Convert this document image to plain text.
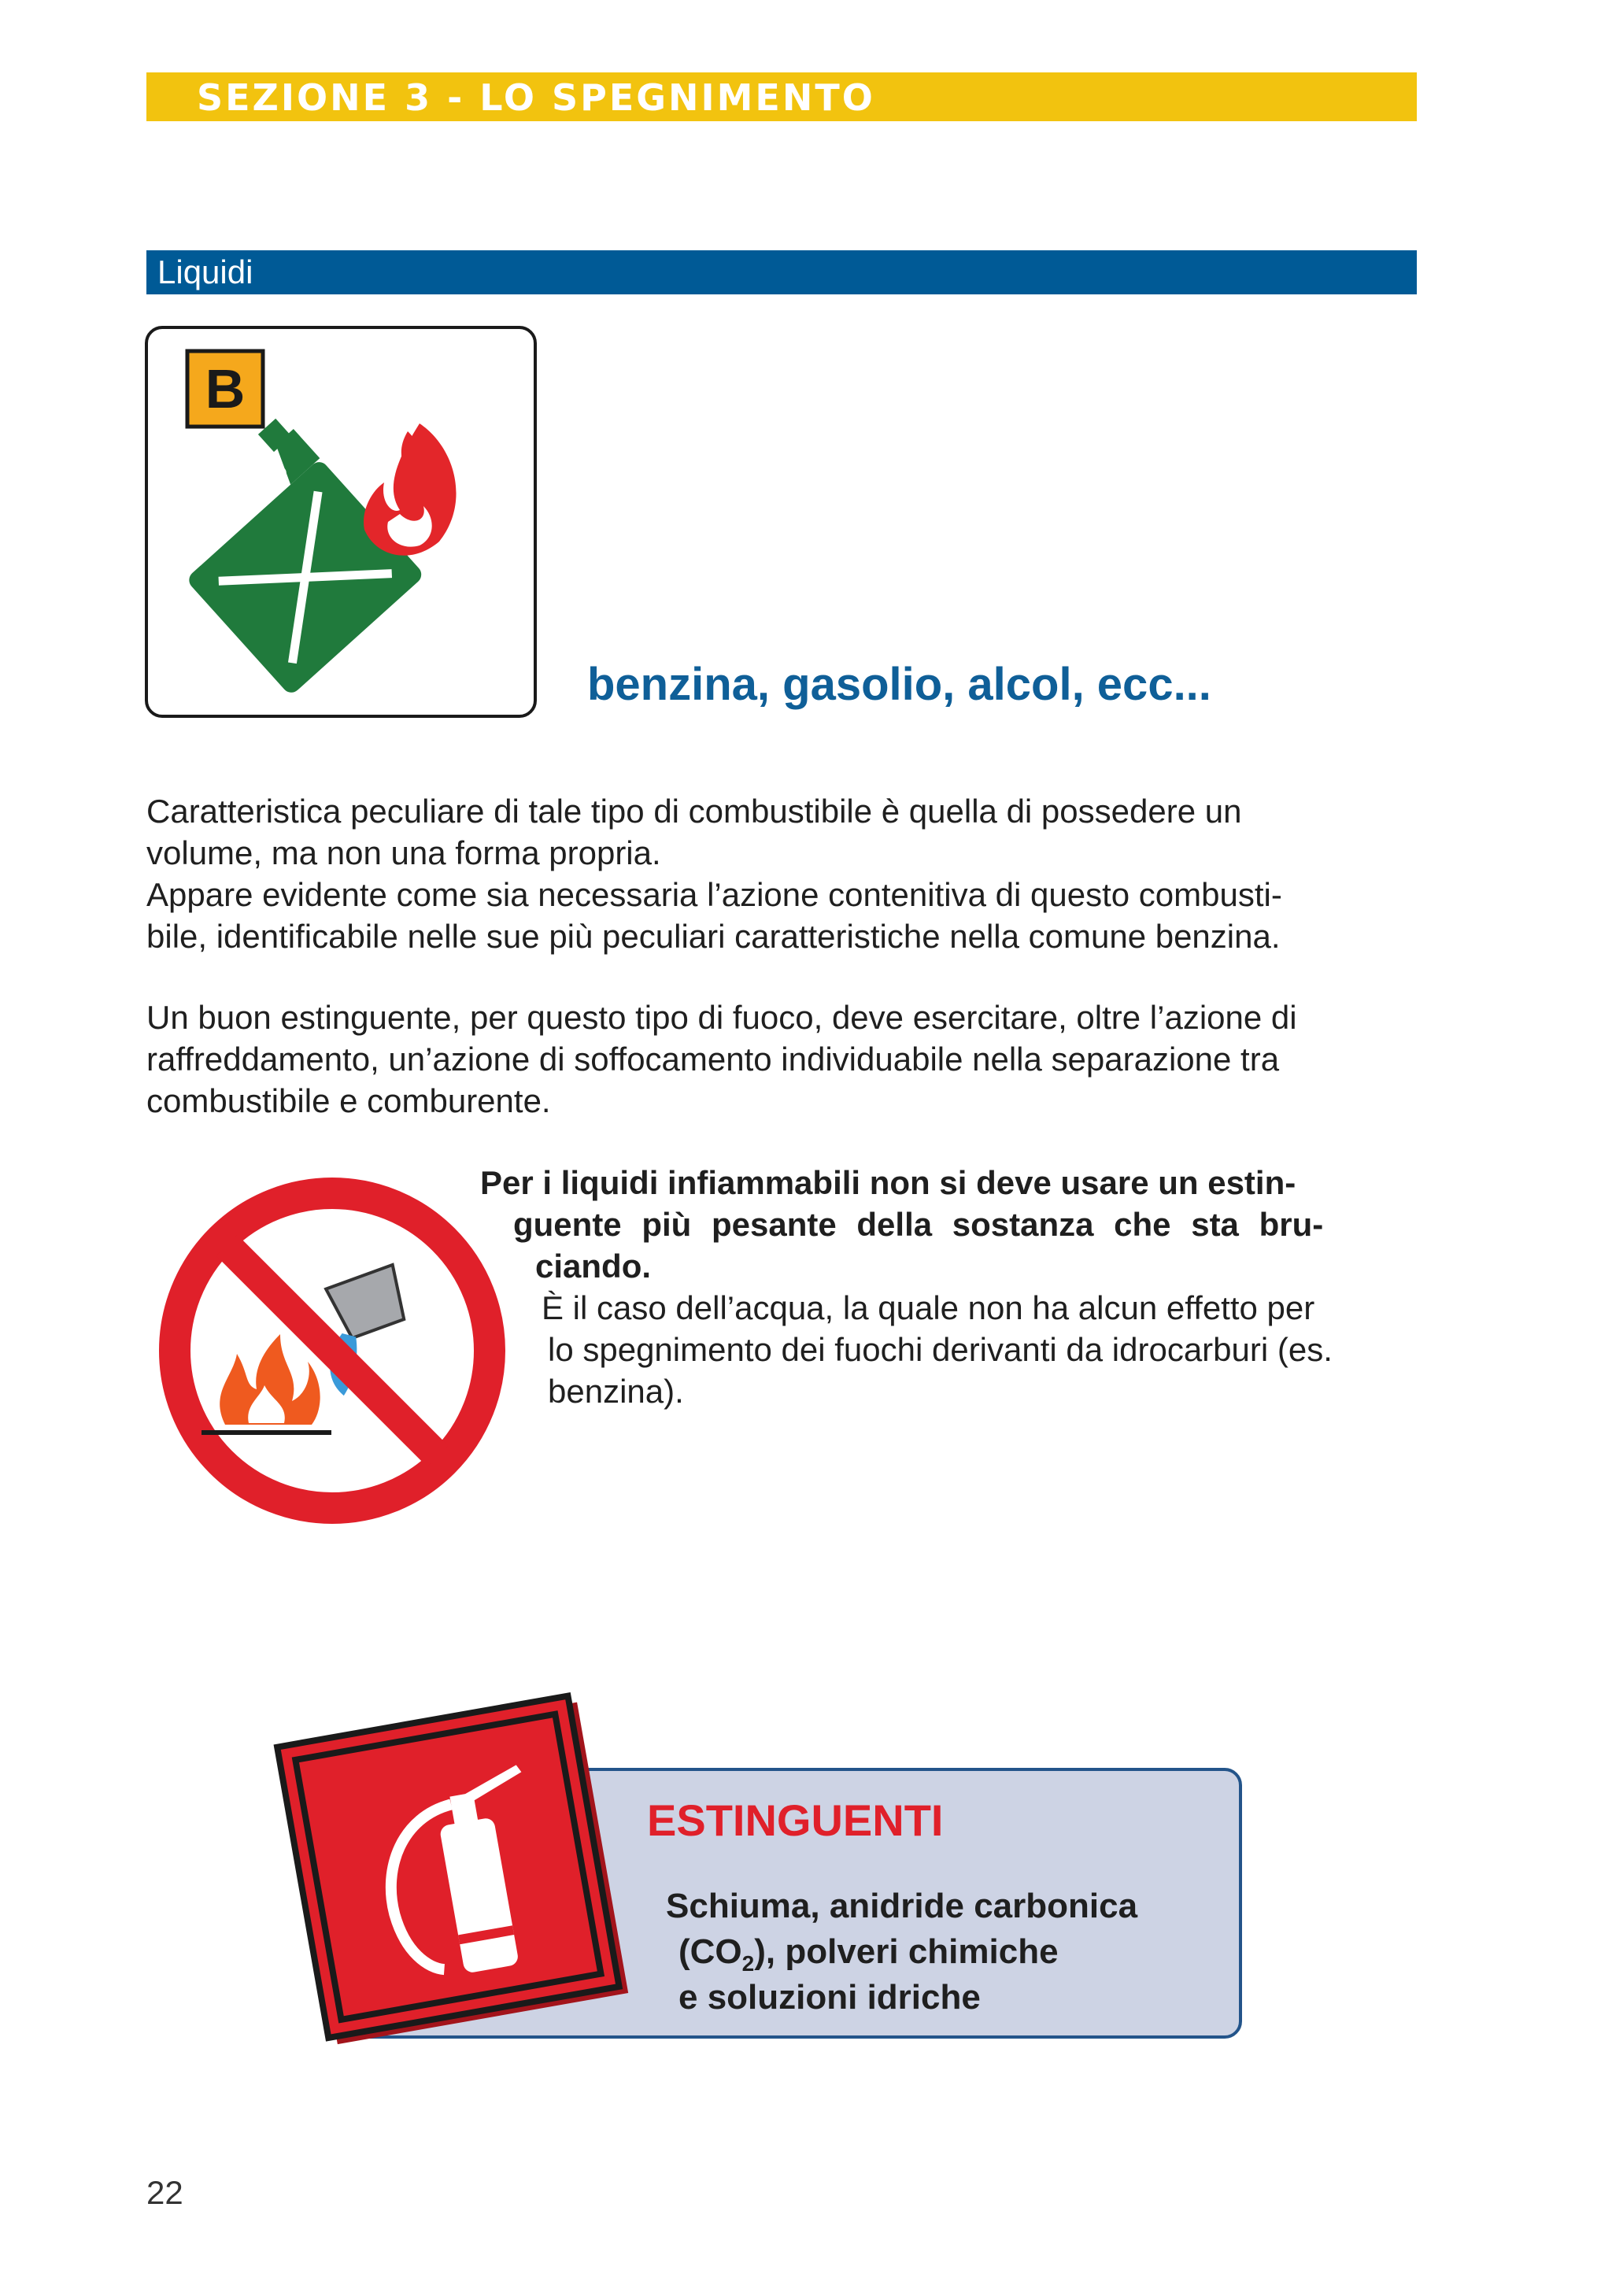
SEZIONE 3 - LO SPEGNIMENTO
Liquidi
B
benzina, gasolio, alcol, ecc...

Caratteristica peculiare di tale tipo di combustibile è quella di possedere un
volume, ma non una forma propria.
Appare evidente come sia necessaria l’azione contenitiva di questo combusti-
bile, identificabile nelle sue più peculiari caratteristiche nella comune benzina.

Un buon estinguente, per questo tipo di fuoco, deve esercitare, oltre l’azione di
raffreddamento, un’azione di soffocamento individuabile nella separazione tra
combustibile e comburente.

Per i liquidi infiammabili non si deve usare un estin-
guente più pesante della sostanza che sta bru-
ciando.
È il caso dell’acqua, la quale non ha alcun effetto per
lo spegnimento dei fuochi derivanti da idrocarburi (es.
benzina).
ESTINGUENTI
Schiuma, anidride carbonica
$(CO_2)$, polveri chimiche
e soluzioni idriche
22
